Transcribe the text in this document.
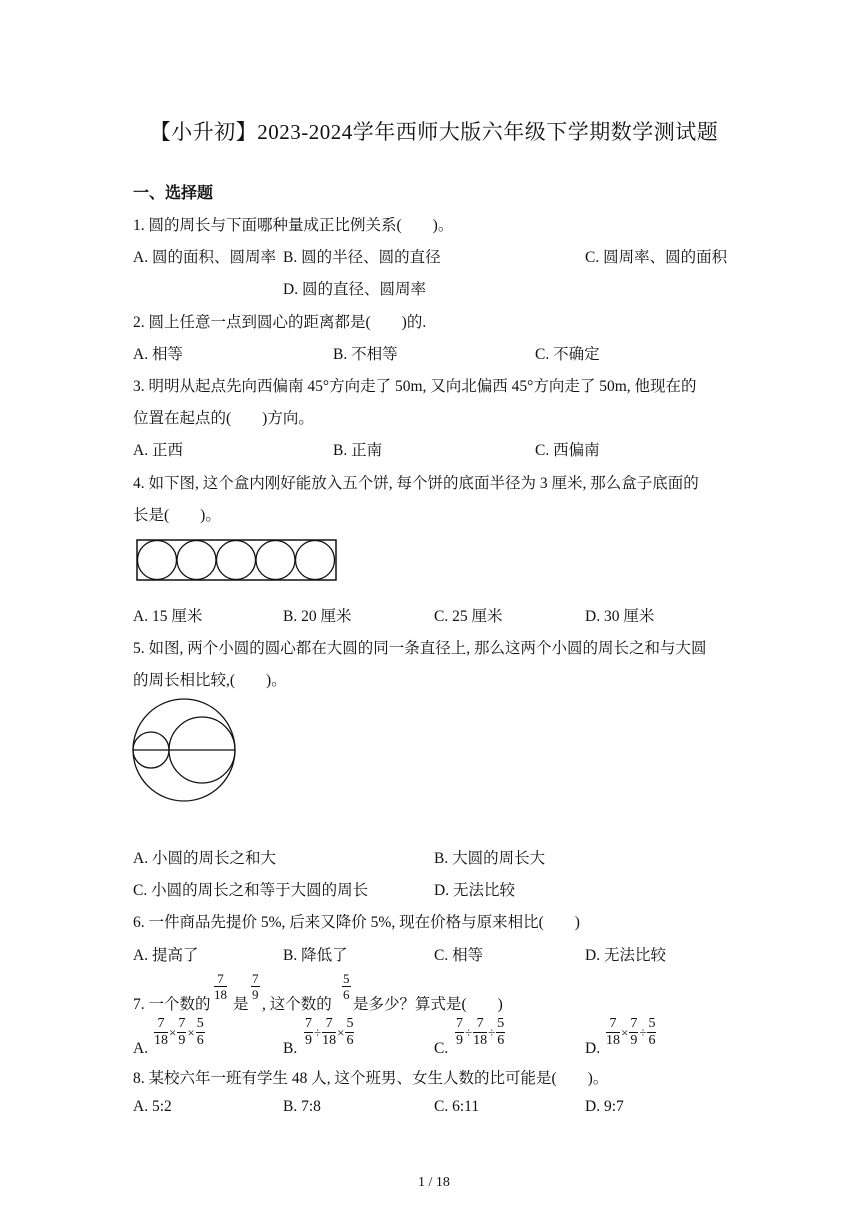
【小升初】2023-2024学年西师大版六年级下学期数学测试题
一、选择题
1. 圆的周长与下面哪种量成正比例关系(　　)。
A. 圆的面积、圆周率 B. 圆的半径、圆的直径	C. 圆周率、圆的面积
D. 圆的直径、圆周率
2. 圆上任意一点到圆心的距离都是(　　)的.
A. 相等	B. 不相等	C. 不确定
3. 明明从起点先向西偏南 45°方向走了 50m, 又向北偏西 45°方向走了 50m, 他现在的
位置在起点的(　　)方向。
A. 正西	B. 正南	C. 西偏南
4. 如下图, 这个盒内刚好能放入五个饼, 每个饼的底面半径为 3 厘米, 那么盒子底面的
长是(　　)。
A. 15 厘米	B. 20 厘米	C. 25 厘米	D. 30 厘米
5. 如图, 两个小圆的圆心都在大圆的同一条直径上, 那么这两个小圆的周长之和与大圆
的周长相比较,(　　)。
A. 小圆的周长之和大	B. 大圆的周长大
C. 小圆的周长之和等于大圆的周长	D. 无法比较
6. 一件商品先提价 5%, 后来又降价 5%, 现在价格与原来相比(　　)
A. 提高了	B. 降低了	C. 相等	D. 无法比较
7. 一个数的
$\frac{7}{18}$
是
$\frac{7}{9}$
, 这个数的
$\frac{5}{6}$
是多少？算式是(　　)
A.
$\frac{7}{18} \times \frac{7}{9} \times \frac{5}{6}$
B.
$\frac{7}{9} \div \frac{7}{18} \times \frac{5}{6}$
C.
$\frac{7}{9} \div \frac{7}{18} \div \frac{5}{6}$
D.
$\frac{7}{18} \times \frac{7}{9} \div \frac{5}{6}$
8. 某校六年一班有学生 48 人, 这个班男、女生人数的比可能是(　　)。
A. 5:2	B. 7:8	C. 6:11	D. 9:7
1 / 18
